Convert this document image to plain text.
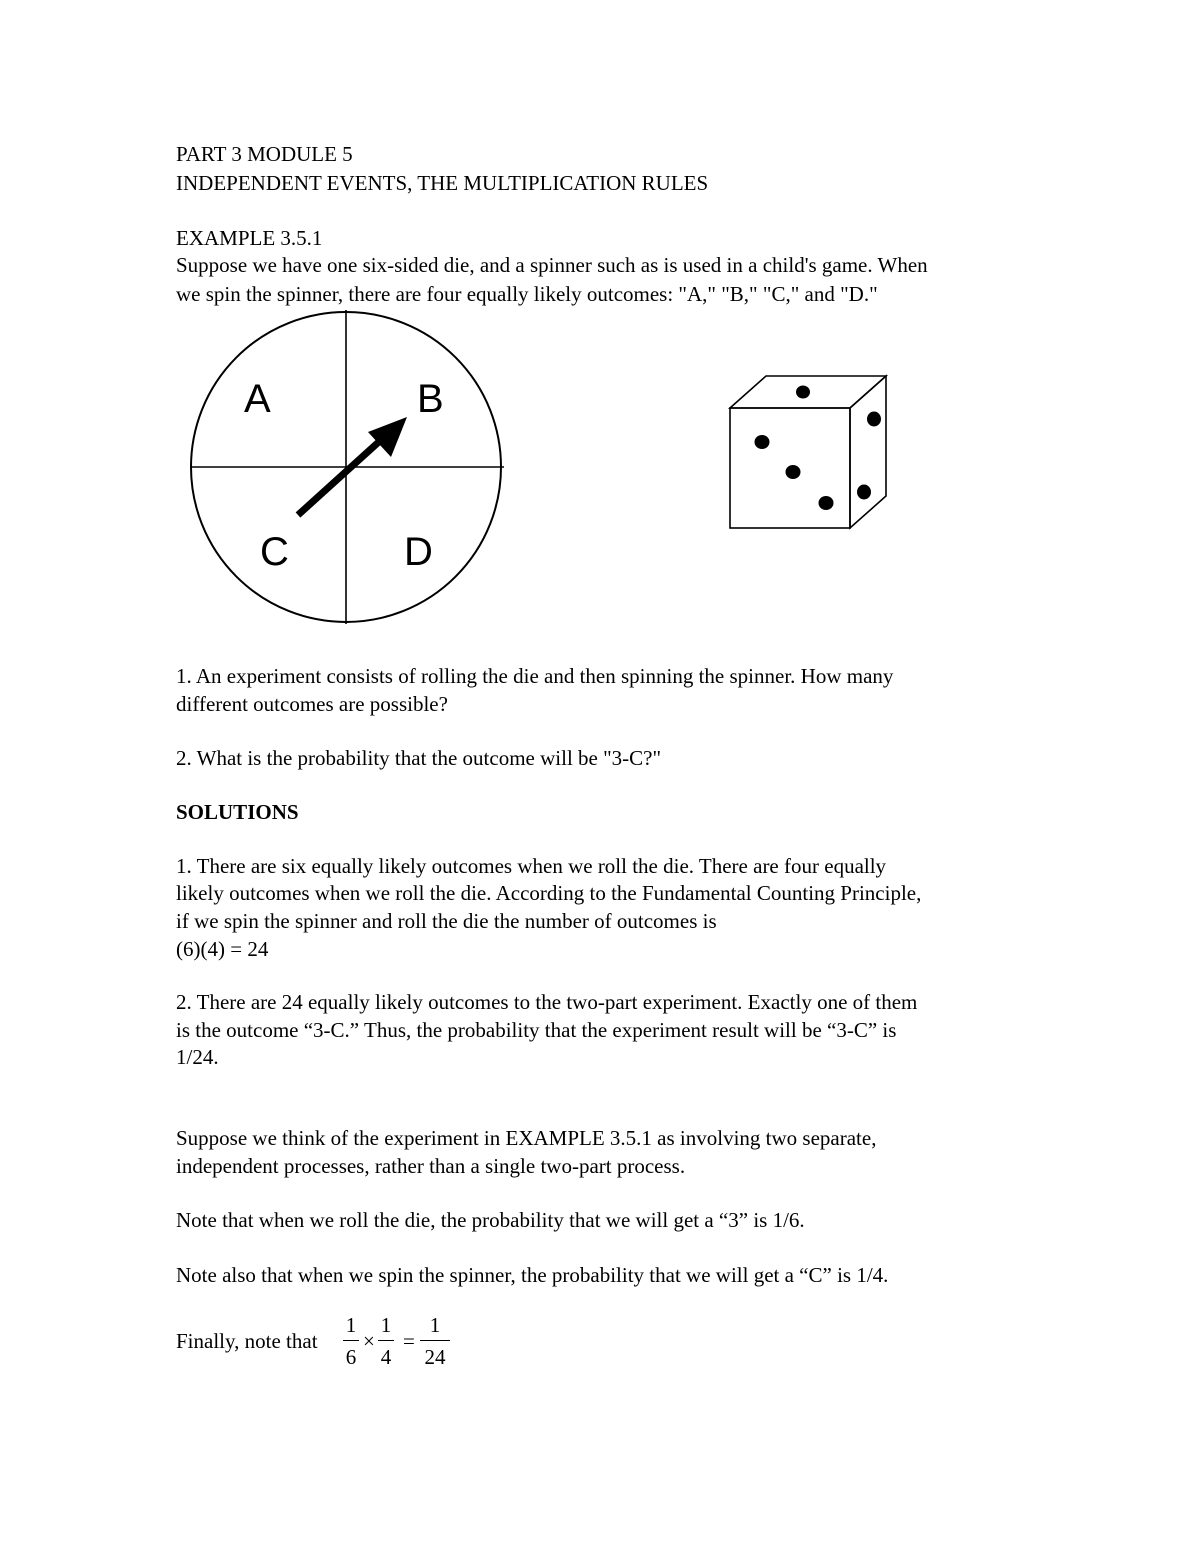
PART 3 MODULE 5
INDEPENDENT EVENTS, THE MULTIPLICATION RULES
EXAMPLE 3.5.1
Suppose we have one six-sided die, and a spinner such as is used in a child's game. When
we spin the spinner, there are four equally likely outcomes: "A," "B," "C," and "D."
A	B
C	D
1. An experiment consists of rolling the die and then spinning the spinner. How many
different outcomes are possible?
2. What is the probability that the outcome will be "3-C?"
SOLUTIONS
1. There are six equally likely outcomes when we roll the die. There are four equally
likely outcomes when we roll the die. According to the Fundamental Counting Principle,
if we spin the spinner and roll the die the number of outcomes is
(6)(4) = 24
2. There are 24 equally likely outcomes to the two-part experiment. Exactly one of them
is the outcome “3-C.” Thus, the probability that the experiment result will be “3-C” is
1/24.
Suppose we think of the experiment in EXAMPLE 3.5.1 as involving two separate,
independent processes, rather than a single two-part process.
Note that when we roll the die, the probability that we will get a “3” is 1/6.
Note also that when we spin the spinner, the probability that we will get a “C” is 1/4.
Finally, note that
1
6
×
1
4
=
1
24
